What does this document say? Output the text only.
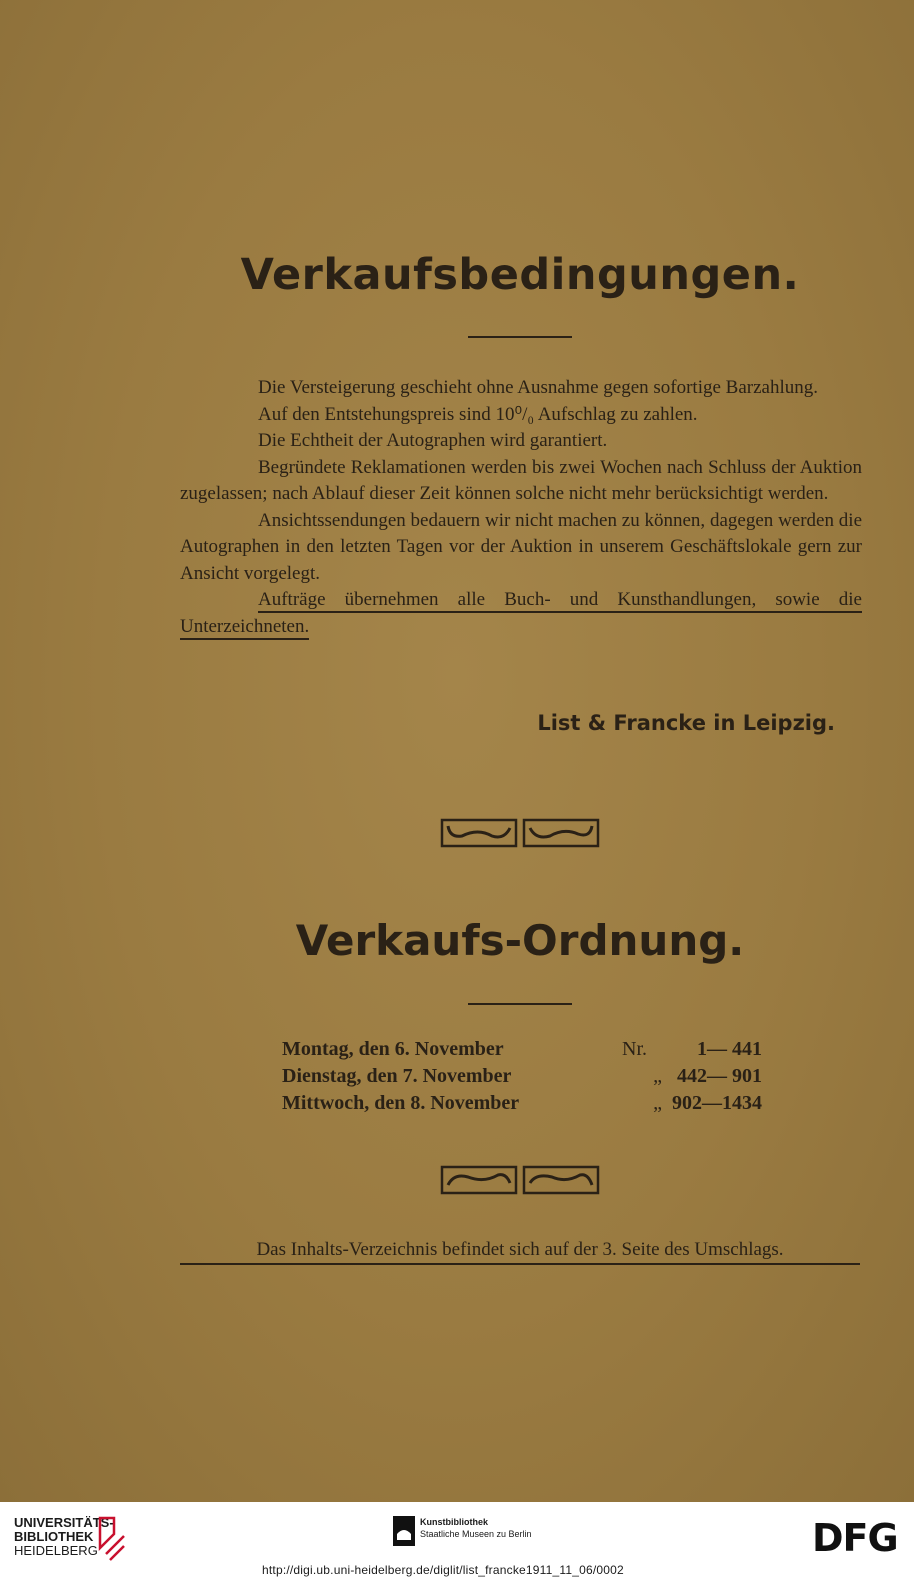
Verkaufsbedingungen.

Die Versteigerung geschieht ohne Ausnahme gegen sofortige Barzahlung.

Auf den Entstehungspreis sind 10⁰/₀ Aufschlag zu zahlen.

Die Echtheit der Autographen wird garantiert.

Begründete Reklamationen werden bis zwei Wochen nach Schluss der Auktion zugelassen; nach Ablauf dieser Zeit können solche nicht mehr berücksichtigt werden.

Ansichtssendungen bedauern wir nicht machen zu können, dagegen werden die Autographen in den letzten Tagen vor der Auktion in unserem Geschäftslokale gern zur Ansicht vorgelegt.

Aufträge übernehmen alle Buch- und Kunsthandlungen, sowie die Unterzeichneten.

List & Francke in Leipzig.
Verkaufs-Ordnung.
Montag, den 6. November	Nr.	1— 441
Dienstag, den 7. November	„ 442— 901
Mittwoch, den 8. November	„ 902—1434
Das Inhalts-Verzeichnis befindet sich auf der 3. Seite des Umschlags.
UNIVERSITÄTS-
BIBLIOTHEK
HEIDELBERG
Kunstbibliothek
Staatliche Museen zu Berlin	DFG
http://digi.ub.uni-heidelberg.de/diglit/list_francke1911_11_06/0002
